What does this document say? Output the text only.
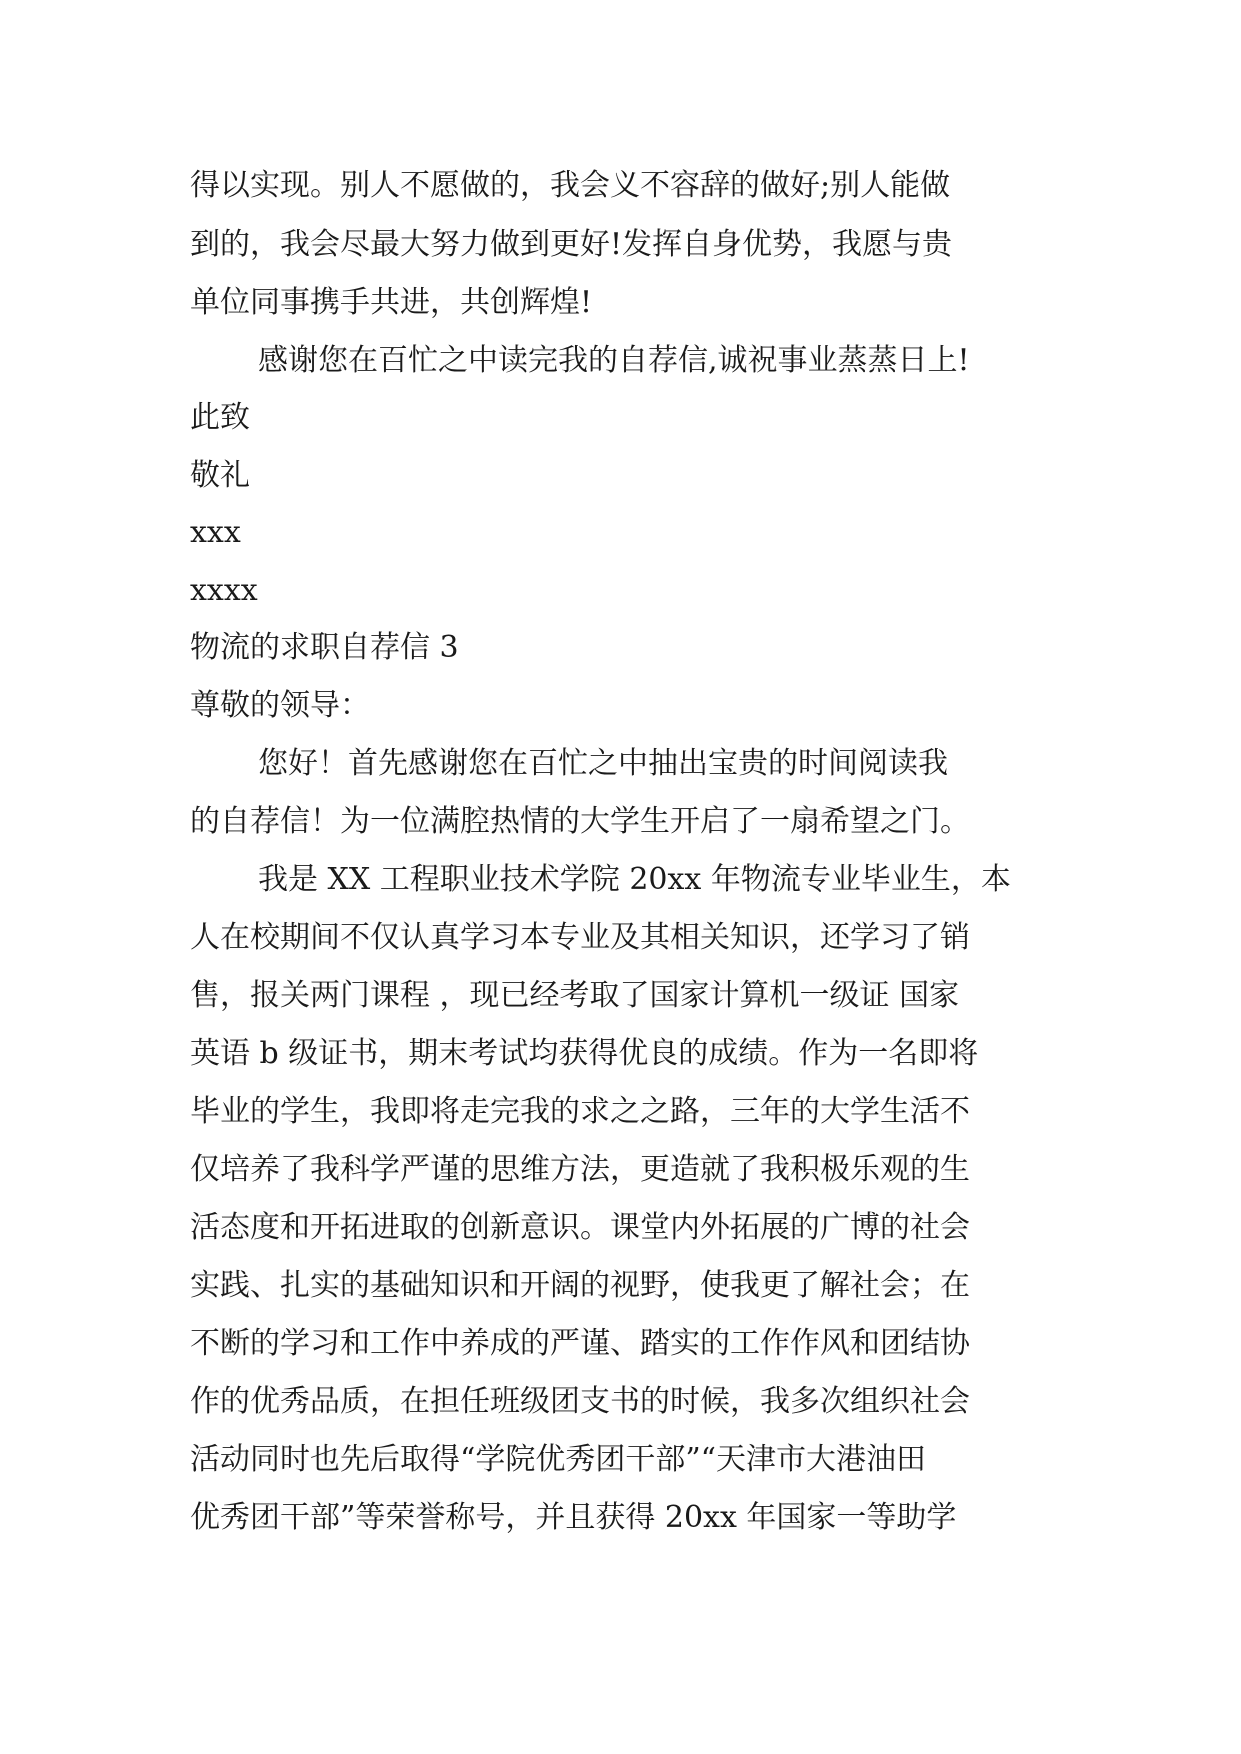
得以实现。别人不愿做的，我会义不容辞的做好;别人能做
到的，我会尽最大努力做到更好!发挥自身优势，我愿与贵
单位同事携手共进，共创辉煌!
感谢您在百忙之中读完我的自荐信,诚祝事业蒸蒸日上!
此致
敬礼
xxx
xxxx
物流的求职自荐信 3
尊敬的领导：
您好！首先感谢您在百忙之中抽出宝贵的时间阅读我
的自荐信！为一位满腔热情的大学生开启了一扇希望之门。
我是 XX 工程职业技术学院 20xx 年物流专业毕业生，本
人在校期间不仅认真学习本专业及其相关知识，还学习了销
售，报关两门课程 ，现已经考取了国家计算机一级证 国家
英语 b 级证书，期末考试均获得优良的成绩。作为一名即将
毕业的学生，我即将走完我的求之之路，三年的大学生活不
仅培养了我科学严谨的思维方法，更造就了我积极乐观的生
活态度和开拓进取的创新意识。课堂内外拓展的广博的社会
实践、扎实的基础知识和开阔的视野，使我更了解社会；在
不断的学习和工作中养成的严谨、踏实的工作作风和团结协
作的优秀品质，在担任班级团支书的时候，我多次组织社会
活动同时也先后取得“学院优秀团干部”“天津市大港油田
优秀团干部”等荣誉称号，并且获得 20xx 年国家一等助学
